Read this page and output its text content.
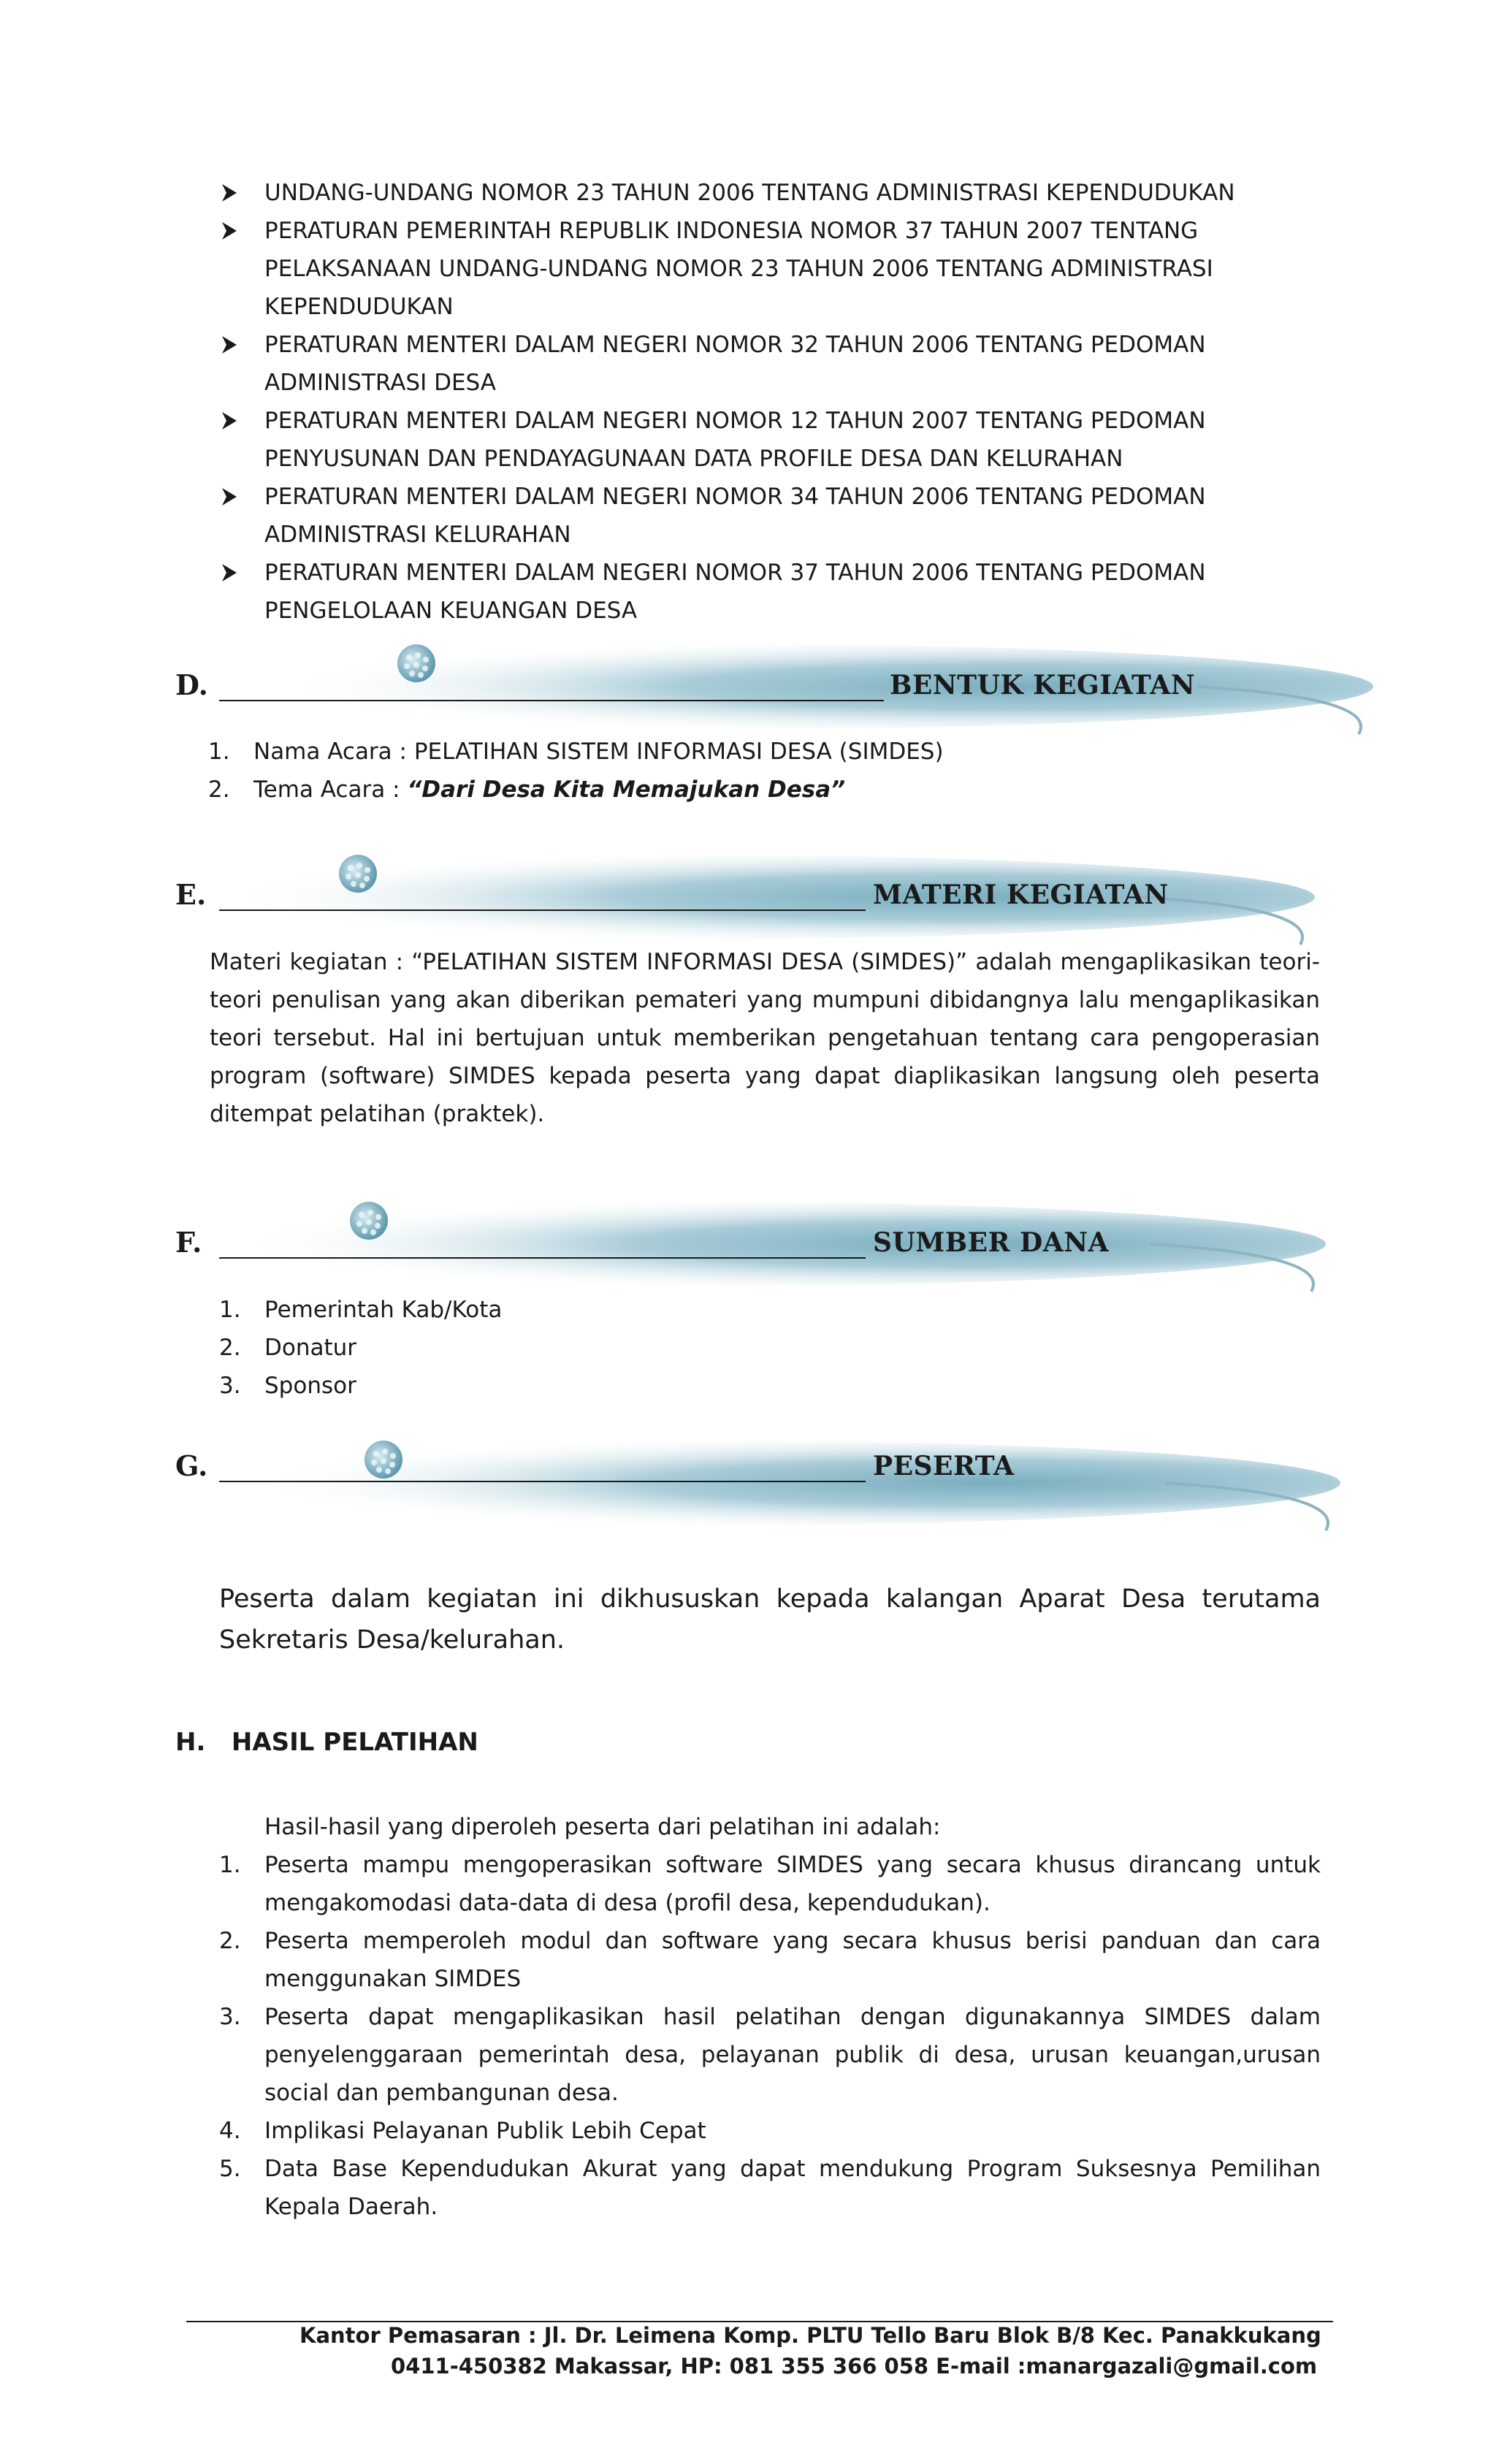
UNDANG-UNDANG NOMOR 23 TAHUN 2006 TENTANG ADMINISTRASI KEPENDUDUKAN
PERATURAN PEMERINTAH REPUBLIK INDONESIA NOMOR 37 TAHUN 2007 TENTANG PELAKSANAAN UNDANG-UNDANG NOMOR 23 TAHUN 2006 TENTANG ADMINISTRASI KEPENDUDUKAN
PERATURAN MENTERI DALAM NEGERI NOMOR 32 TAHUN 2006 TENTANG PEDOMAN ADMINISTRASI DESA
PERATURAN MENTERI DALAM NEGERI NOMOR 12 TAHUN 2007 TENTANG PEDOMAN PENYUSUNAN DAN PENDAYAGUNAAN DATA PROFILE DESA DAN KELURAHAN
PERATURAN MENTERI DALAM NEGERI NOMOR 34 TAHUN 2006 TENTANG PEDOMAN ADMINISTRASI KELURAHAN
PERATURAN MENTERI DALAM NEGERI NOMOR 37 TAHUN 2006 TENTANG PEDOMAN PENGELOLAAN KEUANGAN DESA
D.	BENTUK KEGIATAN
1. Nama Acara : PELATIHAN SISTEM INFORMASI DESA (SIMDES)
2. Tema Acara : “Dari Desa Kita Memajukan Desa”
E.	MATERI KEGIATAN
Materi kegiatan : “PELATIHAN SISTEM INFORMASI DESA (SIMDES)” adalah mengaplikasikan teori-teori penulisan yang akan diberikan pemateri yang mumpuni dibidangnya lalu mengaplikasikan teori tersebut. Hal ini bertujuan untuk memberikan pengetahuan tentang cara pengoperasian program (software) SIMDES kepada peserta yang dapat diaplikasikan langsung oleh peserta ditempat pelatihan (praktek).
F.	SUMBER DANA
1. Pemerintah Kab/Kota
2. Donatur
3. Sponsor
G.	PESERTA
Peserta dalam kegiatan ini dikhususkan kepada kalangan Aparat Desa terutama Sekretaris Desa/kelurahan.
H.   HASIL PELATIHAN
Hasil-hasil yang diperoleh peserta dari pelatihan ini adalah:
1. Peserta mampu mengoperasikan software SIMDES yang secara khusus dirancang untuk mengakomodasi data-data di desa (profil desa, kependudukan).
2. Peserta memperoleh modul dan software yang secara khusus berisi panduan dan cara menggunakan SIMDES
3. Peserta dapat mengaplikasikan hasil pelatihan dengan digunakannya SIMDES dalam penyelenggaraan pemerintah desa, pelayanan publik di desa, urusan keuangan,urusan social dan pembangunan desa.
4. Implikasi Pelayanan Publik Lebih Cepat
5. Data Base Kependudukan Akurat yang dapat mendukung Program Suksesnya Pemilihan Kepala Daerah.
Kantor Pemasaran : Jl. Dr. Leimena Komp. PLTU Tello Baru Blok B/8 Kec. Panakkukang
0411-450382 Makassar, HP: 081 355 366 058 E-mail :manargazali@gmail.com
